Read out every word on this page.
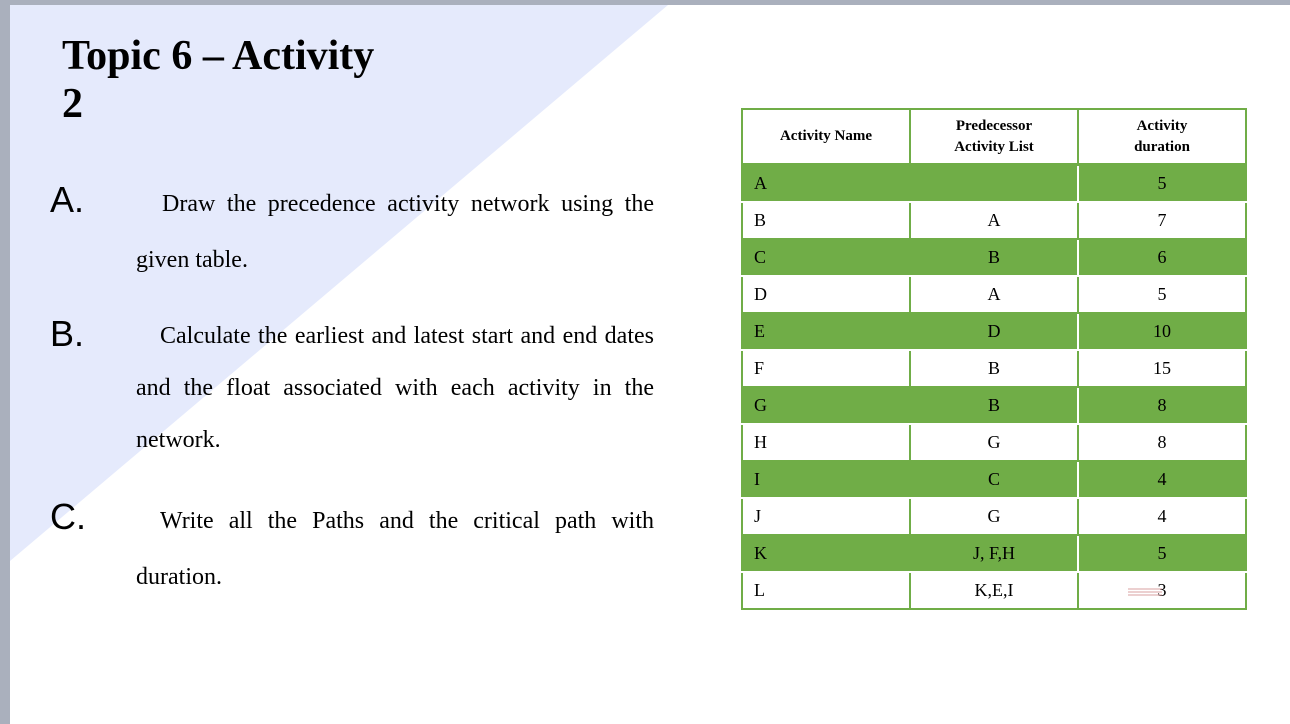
Topic 6 – Activity
2
A.	Draw the precedence activity network using the given table.
B.	Calculate the earliest and latest start and end dates and the float associated with each activity in the network.
C.	Write all the Paths and the critical path with duration.
Activity Name	Predecessor Activity List	Activity duration

A		5
B	A	7
C	B	6
D	A	5
E	D	10
F	B	15
G	B	8
H	G	8
I	C	4
J	G	4
K	J, F,H	5
L	K,E,I	3
